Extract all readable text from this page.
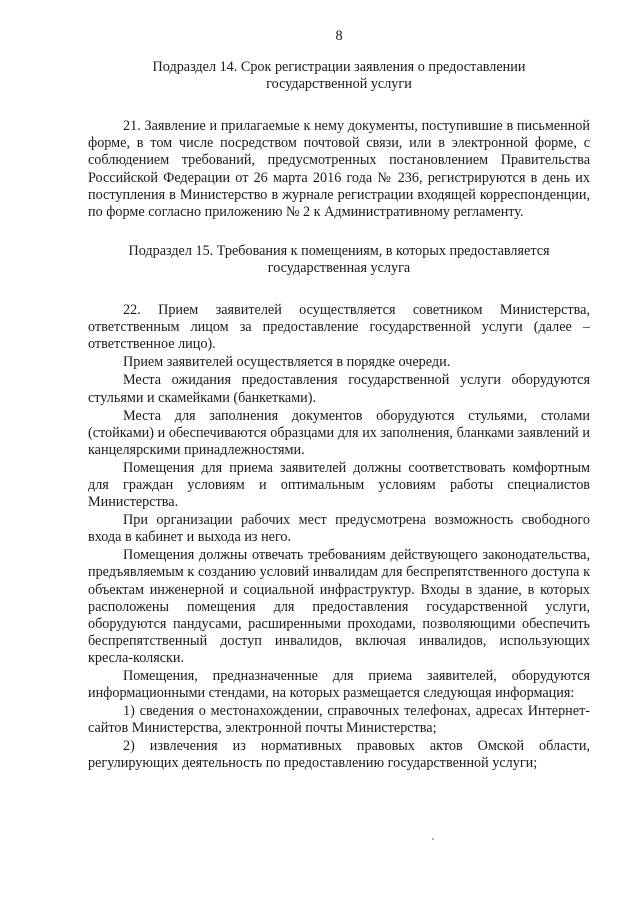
8
Подраздел 14. Срок регистрации заявления о предоставлении государственной услуги

21. Заявление и прилагаемые к нему документы, поступившие в письменной форме, в том числе посредством почтовой связи, или в электронной форме, с соблюдением требований, предусмотренных постановлением Правительства Российской Федерации от 26 марта 2016 года № 236, регистрируются в день их поступления в Министерство в журнале регистрации входящей корреспонденции, по форме согласно приложению № 2 к Административному регламенту.

Подраздел 15. Требования к помещениям, в которых предоставляется государственная услуга

22. Прием заявителей осуществляется советником Министерства, ответственным лицом за предоставление государственной услуги (далее – ответственное лицо).

Прием заявителей осуществляется в порядке очереди.

Места ожидания предоставления государственной услуги оборудуются стульями и скамейками (банкетками).

Места для заполнения документов оборудуются стульями, столами (стойками) и обеспечиваются образцами для их заполнения, бланками заявлений и канцелярскими принадлежностями.

Помещения для приема заявителей должны соответствовать комфортным для граждан условиям и оптимальным условиям работы специалистов Министерства.

При организации рабочих мест предусмотрена возможность свободного входа в кабинет и выхода из него.

Помещения должны отвечать требованиям действующего законодательства, предъявляемым к созданию условий инвалидам для беспрепятственного доступа к объектам инженерной и социальной инфраструктур. Входы в здание, в которых расположены помещения для предоставления государственной услуги, оборудуются пандусами, расширенными проходами, позволяющими обеспечить беспрепятственный доступ инвалидов, включая инвалидов, использующих кресла-коляски.

Помещения, предназначенные для приема заявителей, оборудуются информационными стендами, на которых размещается следующая информация:

1) сведения о местонахождении, справочных телефонах, адресах Интернет-сайтов Министерства, электронной почты Министерства;

2) извлечения из нормативных правовых актов Омской области, регулирующих деятельность по предоставлению государственной услуги;
